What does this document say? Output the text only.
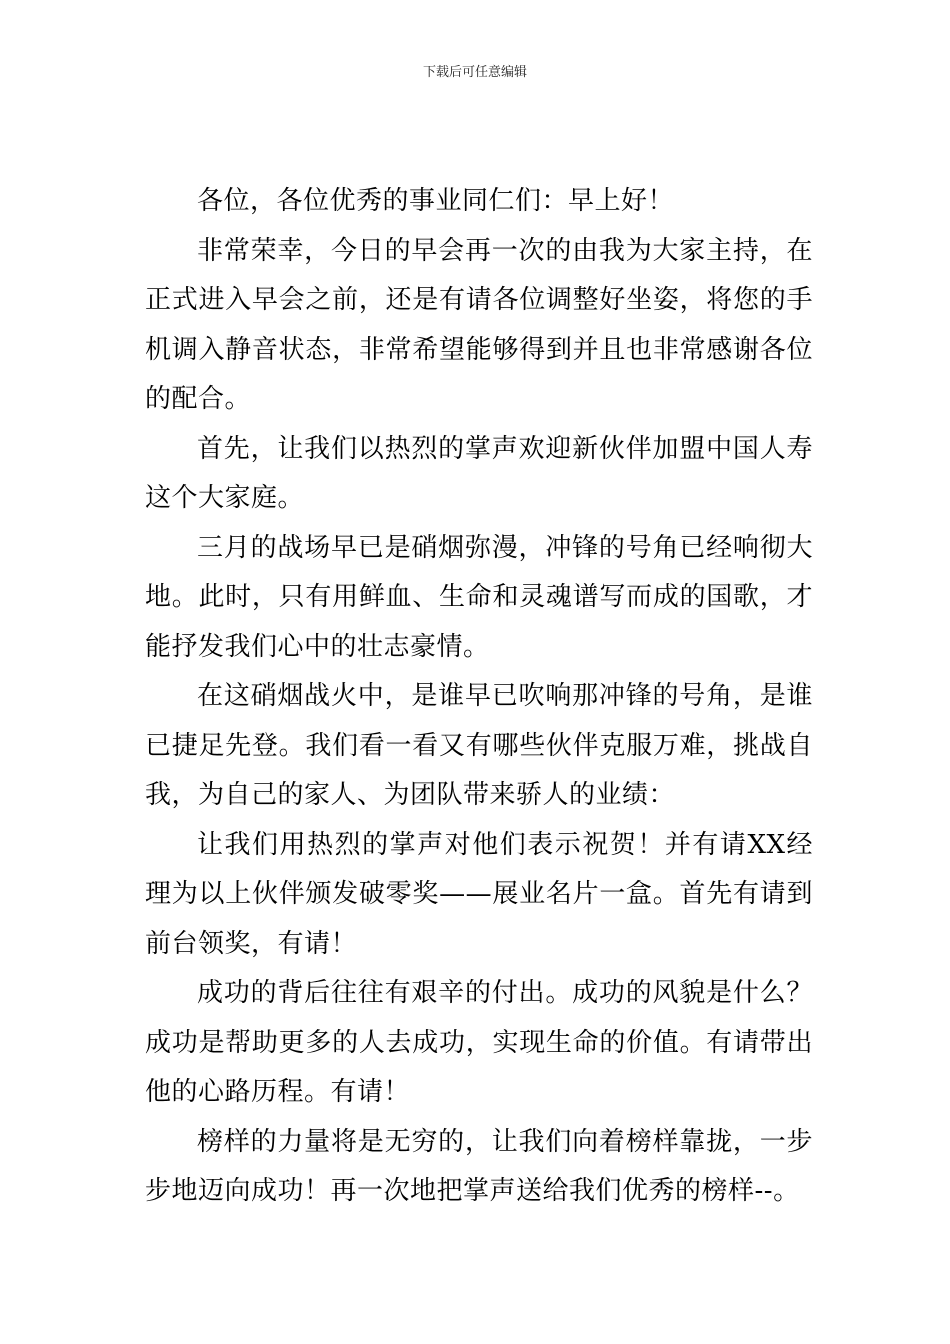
下载后可任意编辑

各位，各位优秀的事业同仁们：早上好！

非常荣幸，今日的早会再一次的由我为大家主持，在正式进入早会之前，还是有请各位调整好坐姿，将您的手机调入静音状态，非常希望能够得到并且也非常感谢各位的配合。

首先，让我们以热烈的掌声欢迎新伙伴加盟中国人寿这个大家庭。

三月的战场早已是硝烟弥漫，冲锋的号角已经响彻大地。此时，只有用鲜血、生命和灵魂谱写而成的国歌，才能抒发我们心中的壮志豪情。

在这硝烟战火中，是谁早已吹响那冲锋的号角，是谁已捷足先登。我们看一看又有哪些伙伴克服万难，挑战自我，为自己的家人、为团队带来骄人的业绩：

让我们用热烈的掌声对他们表示祝贺！并有请XX经理为以上伙伴颁发破零奖——展业名片一盒。首先有请到前台领奖，有请！

成功的背后往往有艰辛的付出。成功的风貌是什么？成功是帮助更多的人去成功，实现生命的价值。有请带出他的心路历程。有请！

榜样的力量将是无穷的，让我们向着榜样靠拢，一步步地迈向成功！再一次地把掌声送给我们优秀的榜样--。
